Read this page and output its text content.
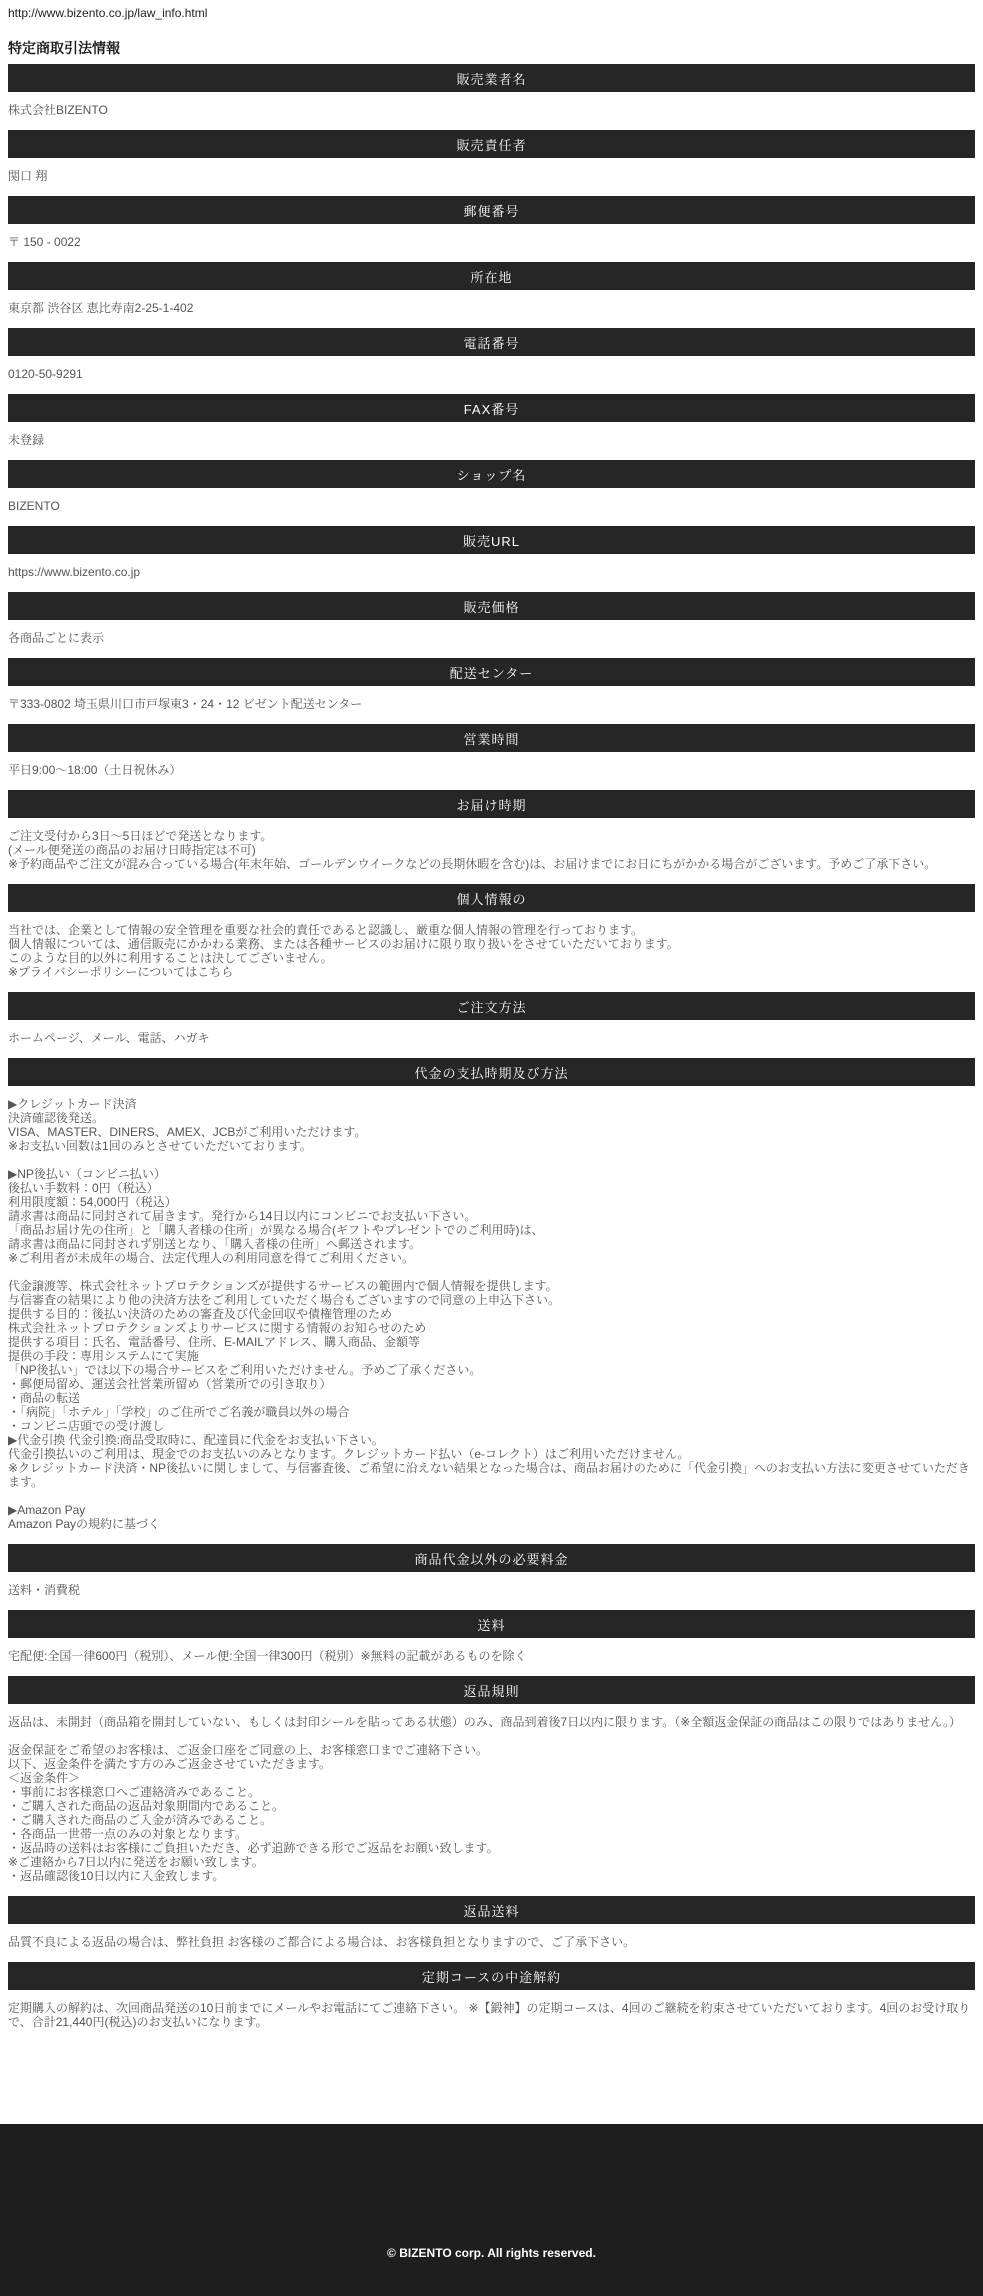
http://www.bizento.co.jp/law_info.html
特定商取引法情報
販売業者名
株式会社BIZENTO
販売責任者
関口 翔
郵便番号
〒 150 - 0022
所在地
東京都 渋谷区 恵比寿南2-25-1-402
電話番号
0120-50-9291
FAX番号
未登録
ショップ名
BIZENTO
販売URL
https://www.bizento.co.jp
販売価格
各商品ごとに表示
配送センター
〒333-0802 埼玉県川口市戸塚東3・24・12 ビゼント配送センター
営業時間
平日9:00〜18:00（土日祝休み）
お届け時期
ご注文受付から3日〜5日ほどで発送となります。
(メール便発送の商品のお届け日時指定は不可)
※予約商品やご注文が混み合っている場合(年末年始、ゴールデンウイークなどの長期休暇を含む)は、お届けまでにお日にちがかかる場合がございます。予めご了承下さい。
個人情報の
当社では、企業として情報の安全管理を重要な社会的責任であると認識し、厳重な個人情報の管理を行っております。
個人情報については、通信販売にかかわる業務、または各種サービスのお届けに限り取り扱いをさせていただいております。
このような目的以外に利用することは決してございません。
※プライバシーポリシーについてはこちら
ご注文方法
ホームページ、メール、電話、ハガキ
代金の支払時期及び方法
▶クレジットカード決済
決済確認後発送。
VISA、MASTER、DINERS、AMEX、JCBがご利用いただけます。
※お支払い回数は1回のみとさせていただいております。
▶NP後払い（コンビニ払い）
後払い手数料：0円（税込）
利用限度額：54,000円（税込）
請求書は商品に同封されて届きます。発行から14日以内にコンビニでお支払い下さい。
「商品お届け先の住所」と「購入者様の住所」が異なる場合(ギフトやプレゼントでのご利用時)は、
請求書は商品に同封されず別送となり、「購入者様の住所」へ郵送されます。
※ご利用者が未成年の場合、法定代理人の利用同意を得てご利用ください。
代金譲渡等、株式会社ネットプロテクションズが提供するサービスの範囲内で個人情報を提供します。
与信審査の結果により他の決済方法をご利用していただく場合もございますので同意の上申込下さい。
提供する目的：後払い決済のための審査及び代金回収や債権管理のため
株式会社ネットプロテクションズよりサービスに関する情報のお知らせのため
提供する項目：氏名、電話番号、住所、E-MAILアドレス、購入商品、金額等
提供の手段：専用システムにて実施
「NP後払い」では以下の場合サービスをご利用いただけません。予めご了承ください。
・郵便局留め、運送会社営業所留め（営業所での引き取り）
・商品の転送
・「病院」「ホテル」「学校」のご住所でご名義が職員以外の場合
・コンビニ店頭での受け渡し
▶代金引換 代金引換:商品受取時に、配達員に代金をお支払い下さい。
代金引換払いのご利用は、現金でのお支払いのみとなります。クレジットカード払い（e-コレクト）はご利用いただけません。
※クレジットカード決済・NP後払いに関しまして、与信審査後、ご希望に沿えない結果となった場合は、商品お届けのために「代金引換」へのお支払い方法に変更させていただきます。
▶Amazon Pay
Amazon Payの規約に基づく
商品代金以外の必要料金
送料・消費税
送料
宅配便:全国一律600円（税別）、メール便:全国一律300円（税別）※無料の記載があるものを除く
返品規則
返品は、未開封（商品箱を開封していない、もしくは封印シールを貼ってある状態）のみ、商品到着後7日以内に限ります。（※全額返金保証の商品はこの限りではありません。）
返金保証をご希望のお客様は、ご返金口座をご同意の上、お客様窓口までご連絡下さい。
以下、返金条件を満たす方のみご返金させていただきます。
＜返金条件＞
・事前にお客様窓口へご連絡済みであること。
・ご購入された商品の返品対象期間内であること。
・ご購入された商品のご入金が済みであること。
・各商品一世帯一点のみの対象となります。
・返品時の送料はお客様にご負担いただき、必ず追跡できる形でご返品をお願い致します。
※ご連絡から7日以内に発送をお願い致します。
・返品確認後10日以内に入金致します。
返品送料
品質不良による返品の場合は、弊社負担 お客様のご都合による場合は、お客様負担となりますので、ご了承下さい。
定期コースの中途解約
定期購入の解約は、次回商品発送の10日前までにメールやお電話にてご連絡下さい。 ※【鍛神】の定期コースは、4回のご継続を約束させていただいております。4回のお受け取りで、合計21,440円(税込)のお支払いになります。
© BIZENTO corp. All rights reserved.
